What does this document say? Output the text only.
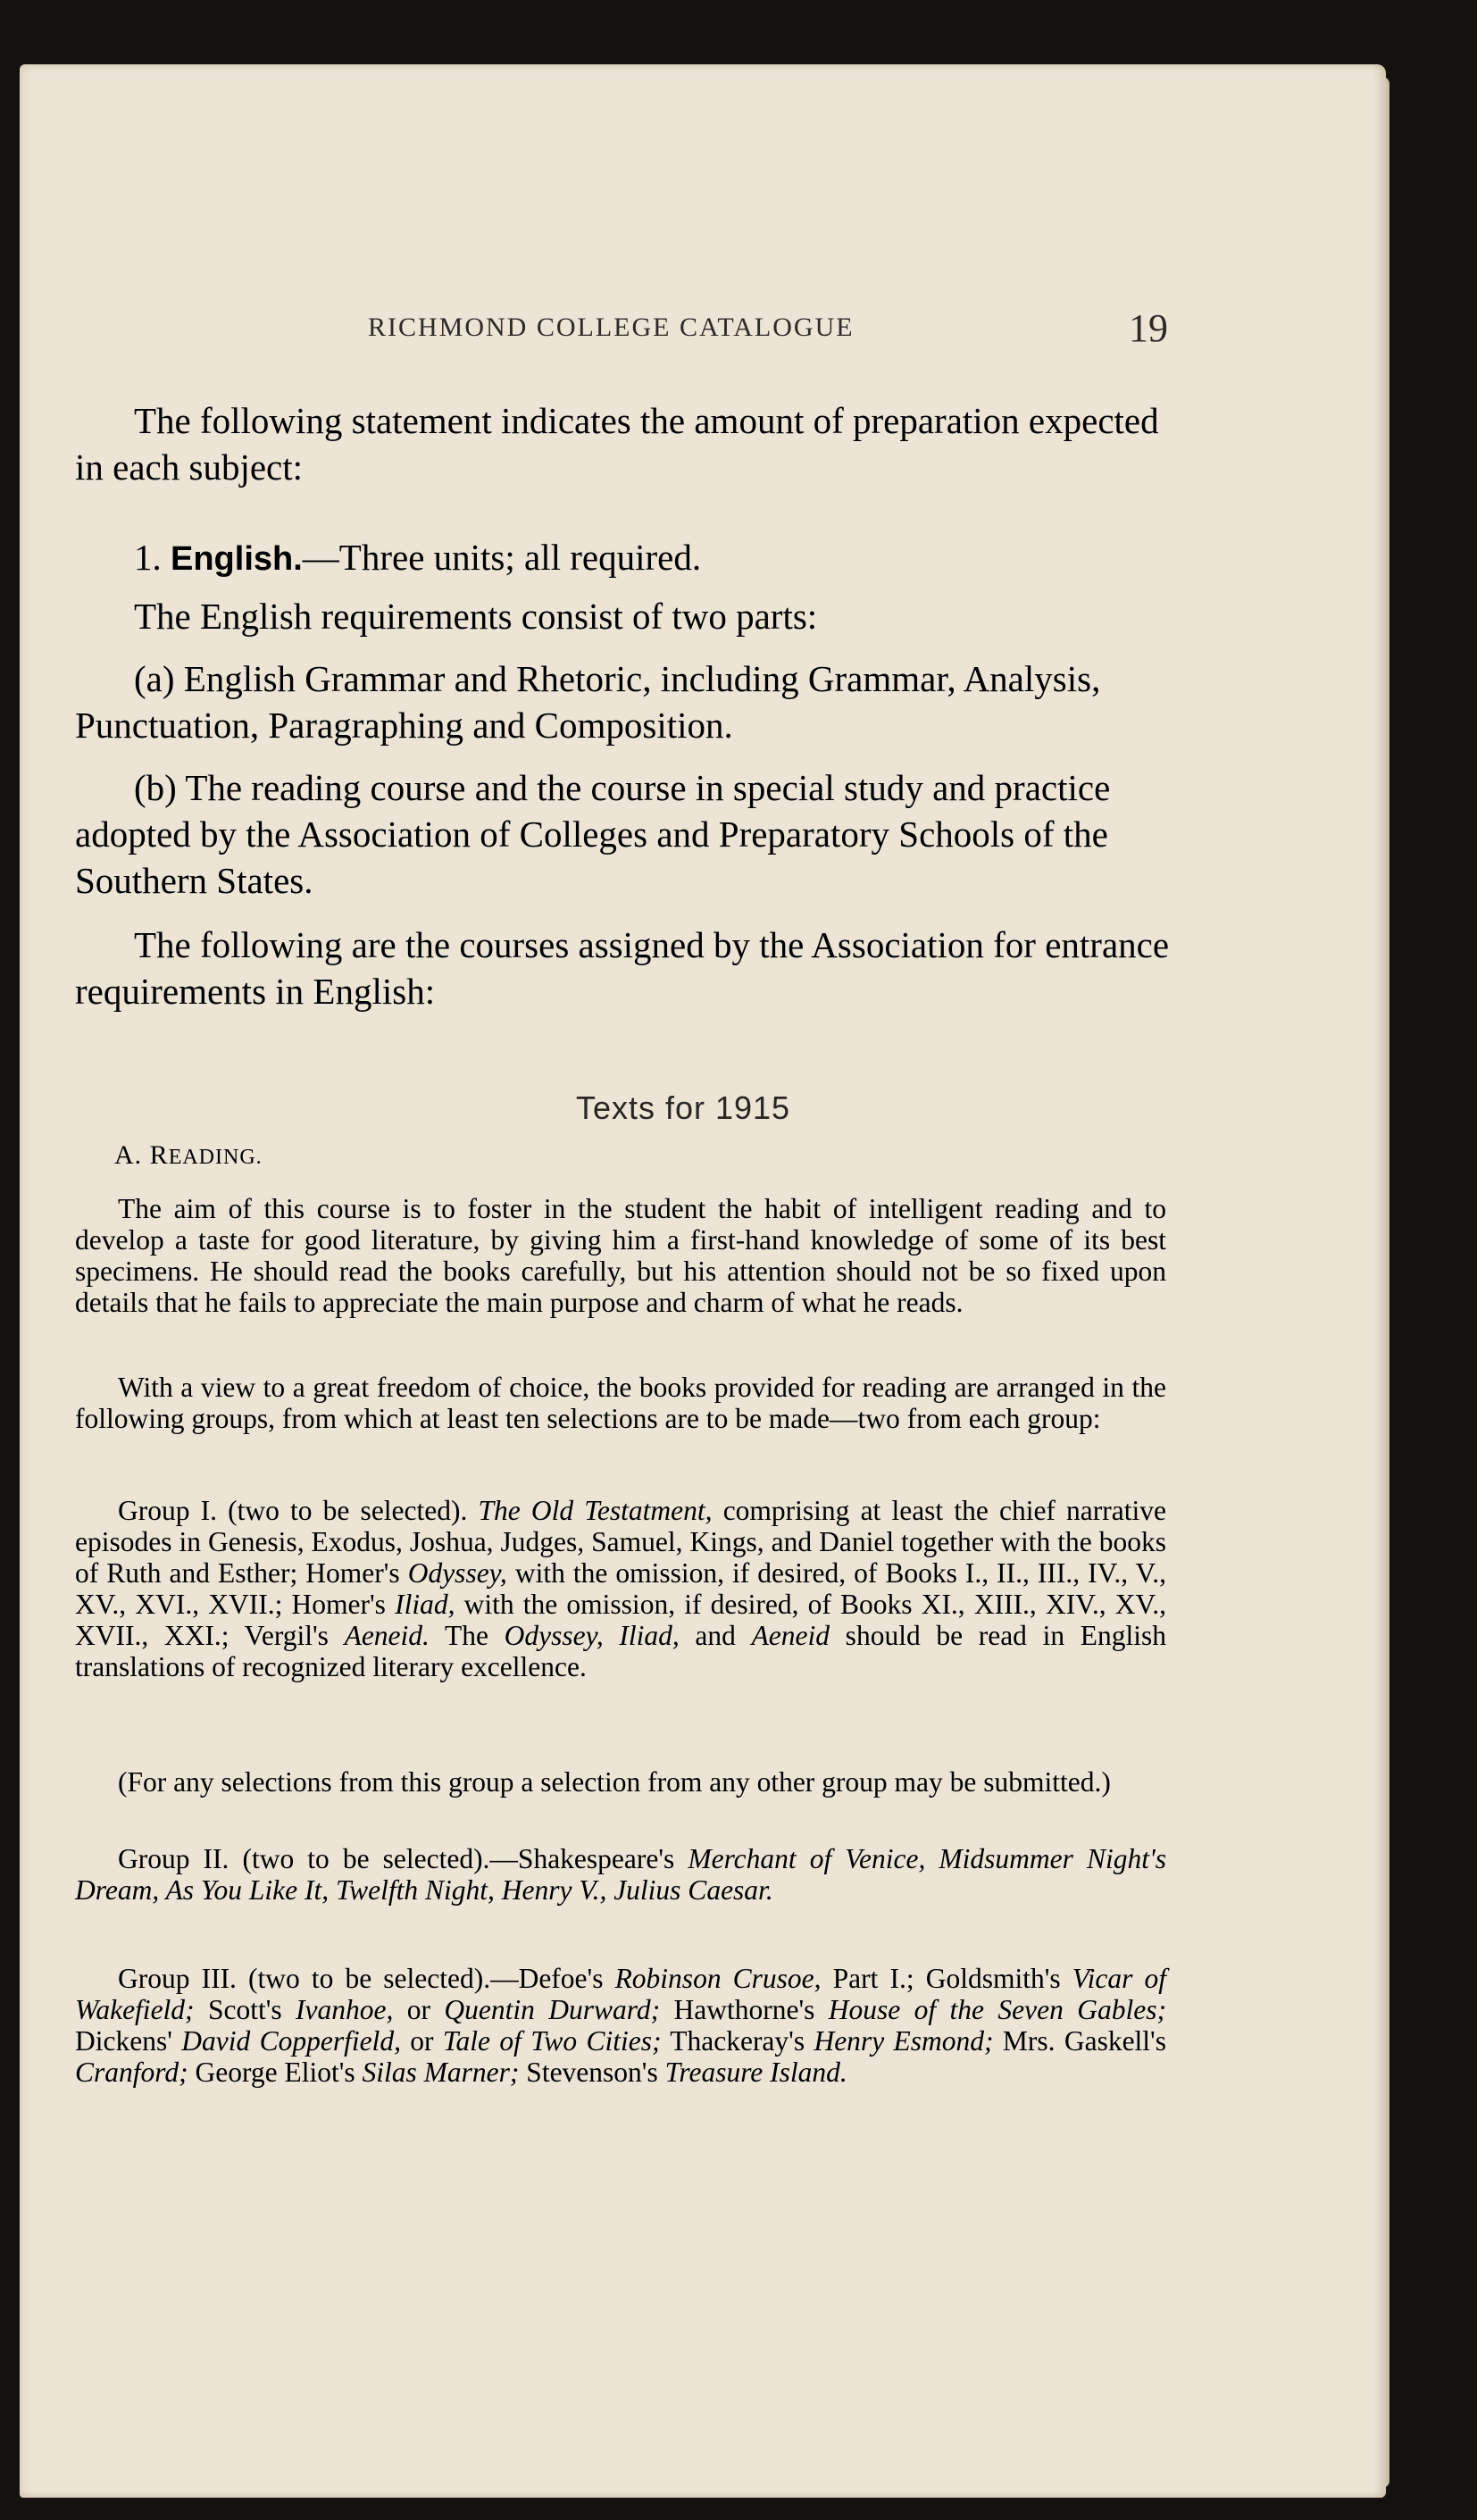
RICHMOND COLLEGE CATALOGUE	19

The following statement indicates the amount of preparation expected in each subject:

1. English.—Three units; all required.

The English requirements consist of two parts:

(a) English Grammar and Rhetoric, including Grammar, Analysis, Punctuation, Paragraphing and Composition.

(b) The reading course and the course in special study and practice adopted by the Association of Colleges and Preparatory Schools of the Southern States.

The following are the courses assigned by the Association for entrance requirements in English:

Texts for 1915
A. READING.

The aim of this course is to foster in the student the habit of intelligent reading and to develop a taste for good literature, by giving him a first-hand knowledge of some of its best specimens. He should read the books carefully, but his attention should not be so fixed upon details that he fails to appreciate the main purpose and charm of what he reads.

With a view to a great freedom of choice, the books provided for reading are arranged in the following groups, from which at least ten selections are to be made—two from each group:

Group I. (two to be selected). The Old Testatment, comprising at least the chief narrative episodes in Genesis, Exodus, Joshua, Judges, Samuel, Kings, and Daniel together with the books of Ruth and Esther; Homer's Odyssey, with the omission, if desired, of Books I., II., III., IV., V., XV., XVI., XVII.; Homer's Iliad, with the omission, if desired, of Books XI., XIII., XIV., XV., XVII., XXI.; Vergil's Aeneid. The Odyssey, Iliad, and Aeneid should be read in English translations of recognized literary excellence.

(For any selections from this group a selection from any other group may be submitted.)

Group II. (two to be selected).—Shakespeare's Merchant of Venice, Midsummer Night's Dream, As You Like It, Twelfth Night, Henry V., Julius Caesar.

Group III. (two to be selected).—Defoe's Robinson Crusoe, Part I.; Goldsmith's Vicar of Wakefield; Scott's Ivanhoe, or Quentin Durward; Hawthorne's House of the Seven Gables; Dickens' David Copperfield, or Tale of Two Cities; Thackeray's Henry Esmond; Mrs. Gaskell's Cranford; George Eliot's Silas Marner; Stevenson's Treasure Island.
